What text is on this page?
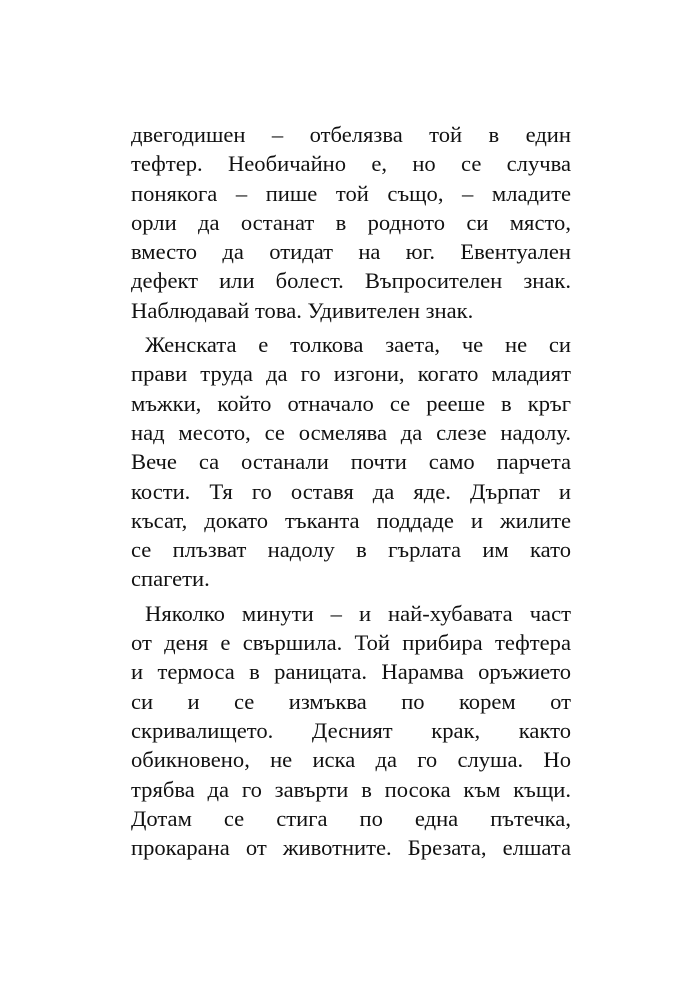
двегодишен – отбелязва той в един
тефтер. Необичайно е, но се случва
понякога – пише той също, – младите
орли да останат в родното си място,
вместо да отидат на юг. Евентуален
дефект или болест. Въпросителен знак.
Наблюдавай това. Удивителен знак.
Женската е толкова заета, че не си
прави труда да го изгони, когато младият
мъжки, който отначало се рееше в кръг
над месото, се осмелява да слезе надолу.
Вече са останали почти само парчета
кости. Тя го оставя да яде. Дърпат и
късат, докато тъканта поддаде и жилите
се плъзват надолу в гърлата им като
спагети.
Няколко минути – и най-хубавата част
от деня е свършила. Той прибира тефтера
и термоса в раницата. Нарамва оръжието
си и се измъква по корем от
скривалището. Десният крак, както
обикновено, не иска да го слуша. Но
трябва да го завърти в посока към къщи.
Дотам се стига по една пътечка,
прокарана от животните. Брезата, елшата
